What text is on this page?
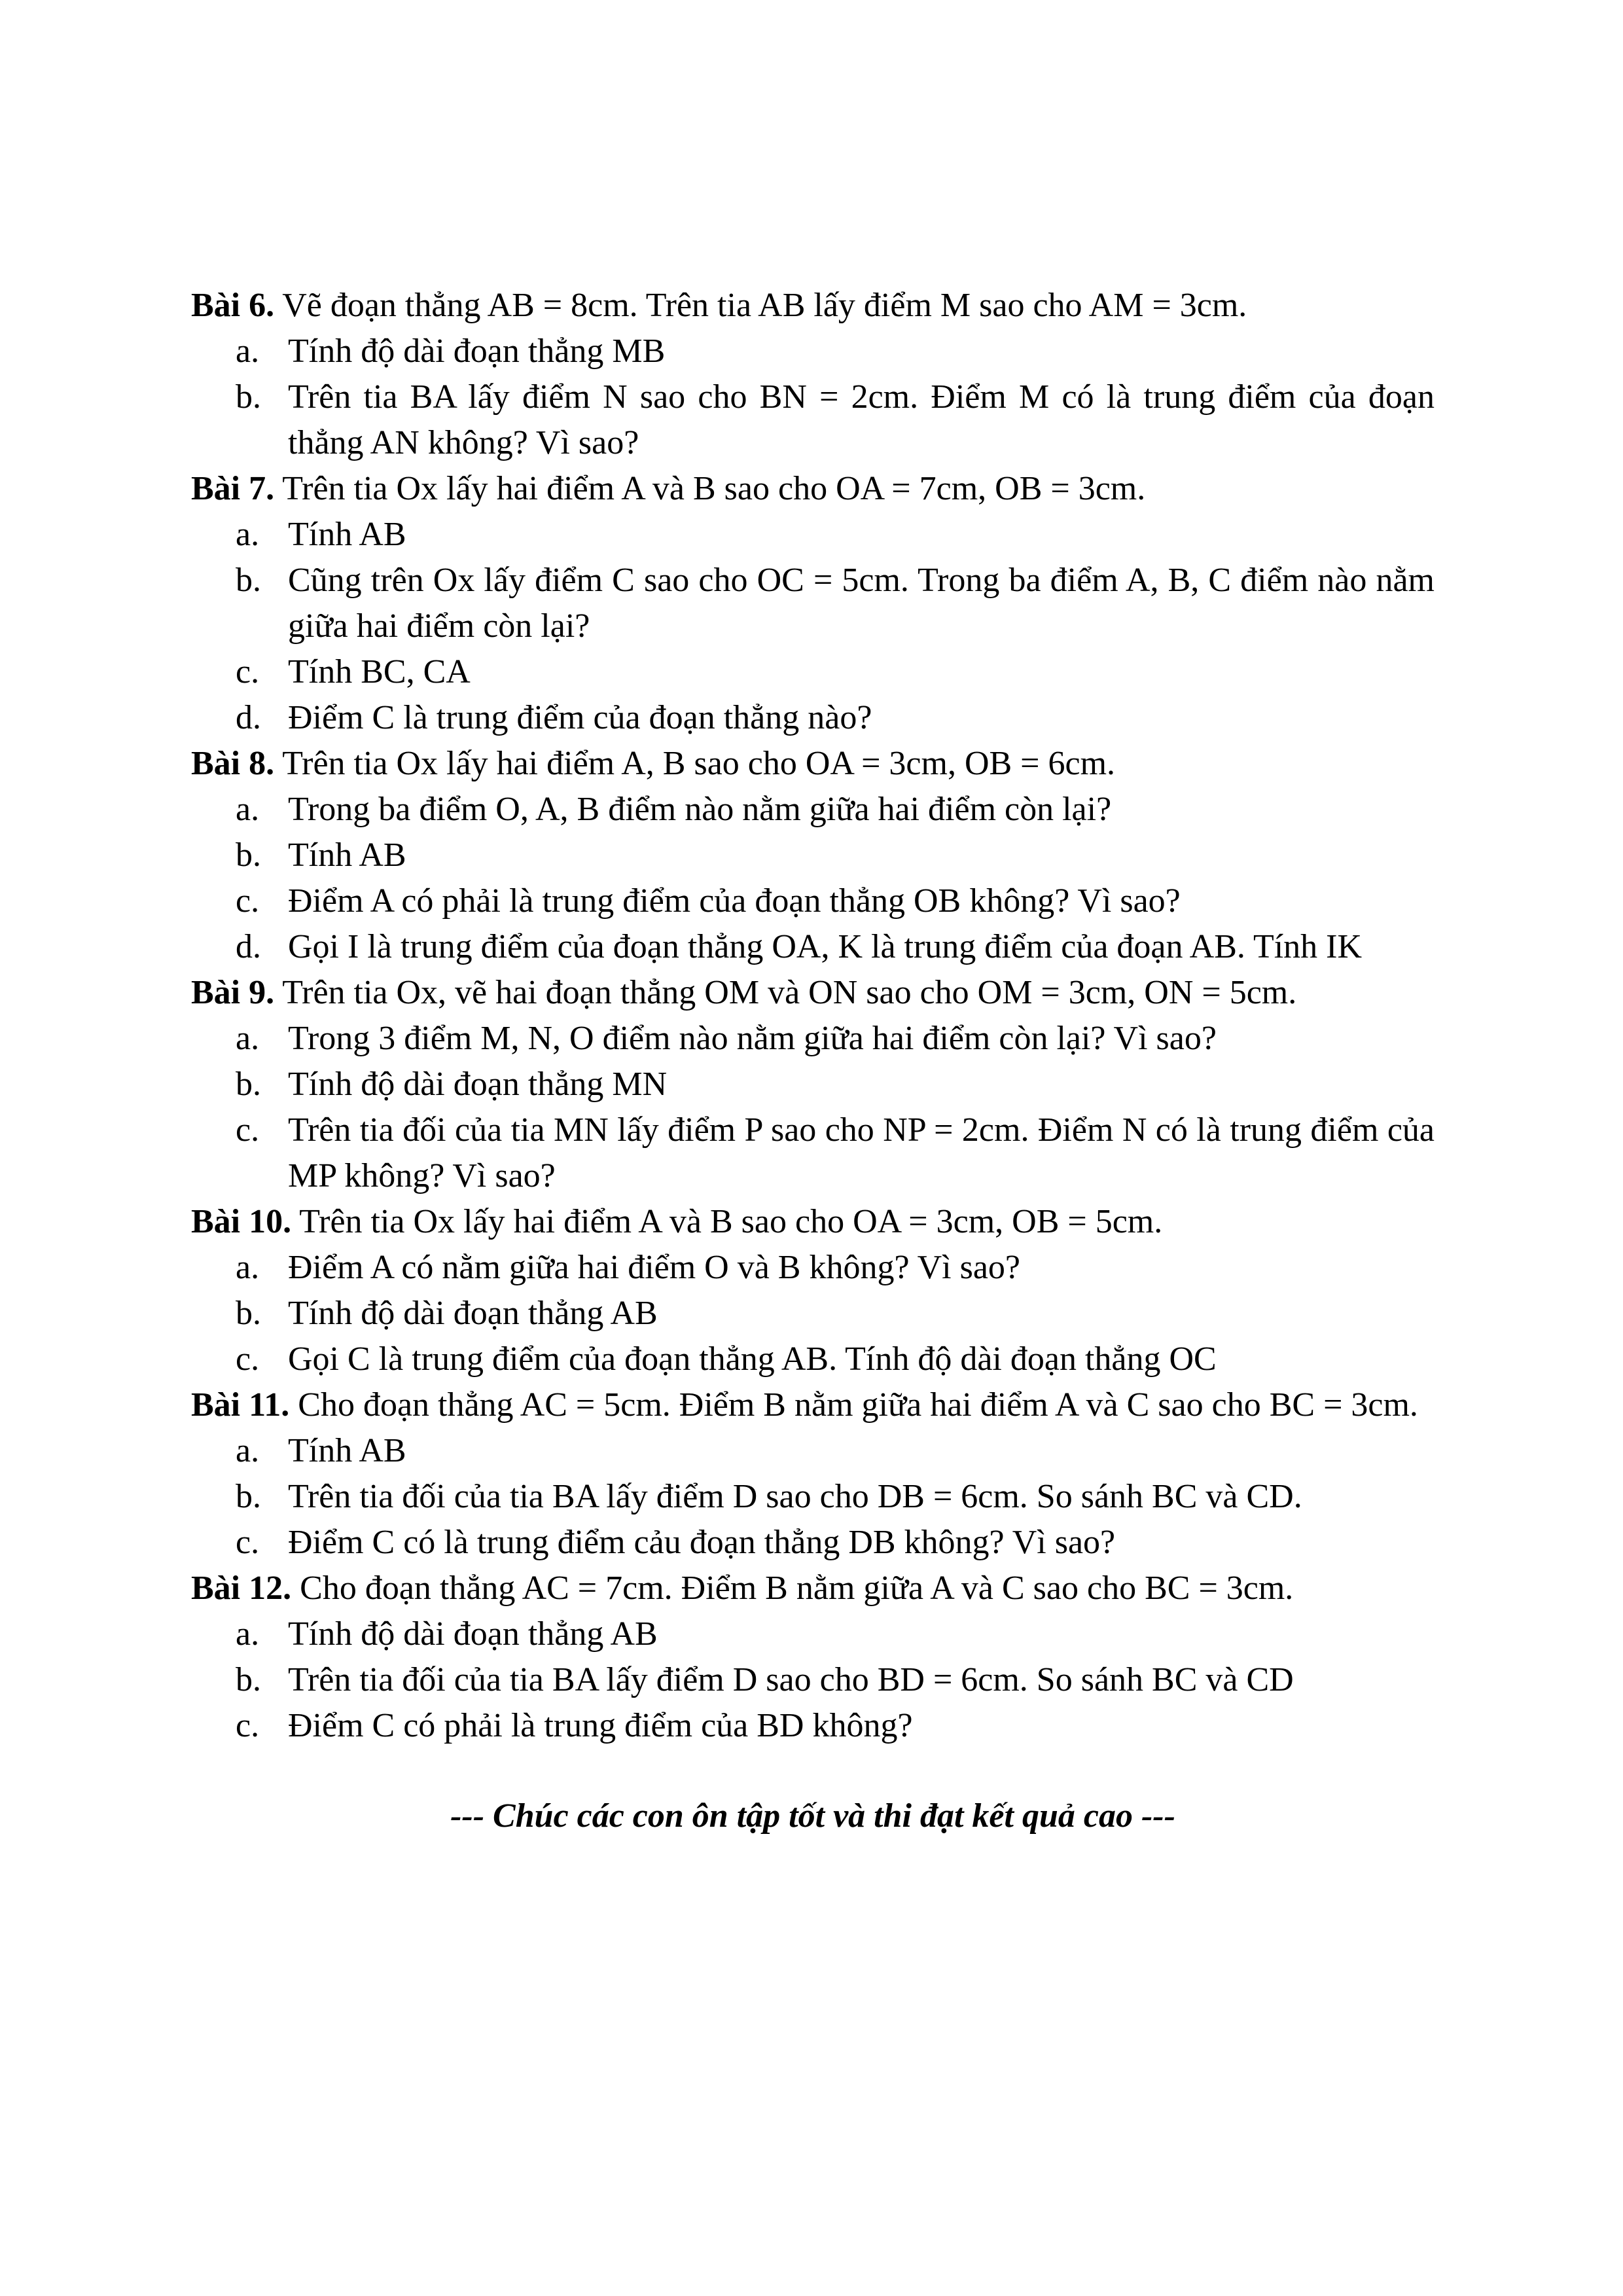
Bài 6. Vẽ đoạn thẳng AB = 8cm. Trên tia AB lấy điểm M sao cho AM = 3cm.

a. Tính độ dài đoạn thẳng MB
b. Trên tia BA lấy điểm N sao cho BN = 2cm. Điểm M có là trung điểm của đoạn thẳng AN không? Vì sao?

Bài 7. Trên tia Ox lấy hai điểm A và B sao cho OA = 7cm, OB = 3cm.

a. Tính AB
b. Cũng trên Ox lấy điểm C sao cho OC = 5cm. Trong ba điểm A, B, C điểm nào nằm giữa hai điểm còn lại?
c. Tính BC, CA
d. Điểm C là trung điểm của đoạn thẳng nào?

Bài 8. Trên tia Ox lấy hai điểm A, B sao cho OA = 3cm, OB = 6cm.

a. Trong ba điểm O, A, B điểm nào nằm giữa hai điểm còn lại?
b. Tính AB
c. Điểm A có phải là trung điểm của đoạn thẳng OB không? Vì sao?
d. Gọi I là trung điểm của đoạn thẳng OA, K là trung điểm của đoạn AB. Tính IK

Bài 9. Trên tia Ox, vẽ hai đoạn thẳng OM và ON sao cho OM = 3cm, ON = 5cm.

a. Trong 3 điểm M, N, O điểm nào nằm giữa hai điểm còn lại? Vì sao?
b. Tính độ dài đoạn thẳng MN
c. Trên tia đối của tia MN lấy điểm P sao cho NP = 2cm. Điểm N có là trung điểm của MP không? Vì sao?

Bài 10. Trên tia Ox lấy hai điểm A và B sao cho OA = 3cm, OB = 5cm.

a. Điểm A có nằm giữa hai điểm O và B không? Vì sao?
b. Tính độ dài đoạn thẳng AB
c. Gọi C là trung điểm của đoạn thẳng AB. Tính độ dài đoạn thẳng OC

Bài 11. Cho đoạn thẳng AC = 5cm. Điểm B nằm giữa hai điểm A và C sao cho BC = 3cm.

a. Tính AB
b. Trên tia đối của tia BA lấy điểm D sao cho DB = 6cm. So sánh BC và CD.
c. Điểm C có là trung điểm cảu đoạn thẳng DB không? Vì sao?

Bài 12. Cho đoạn thẳng AC = 7cm. Điểm B nằm giữa A và C sao cho BC = 3cm.

a. Tính độ dài đoạn thẳng AB
b. Trên tia đối của tia BA lấy điểm D sao cho BD = 6cm. So sánh BC và CD
c. Điểm C có phải là trung điểm của BD không?

--- Chúc các con ôn tập tốt và thi đạt kết quả cao ---
